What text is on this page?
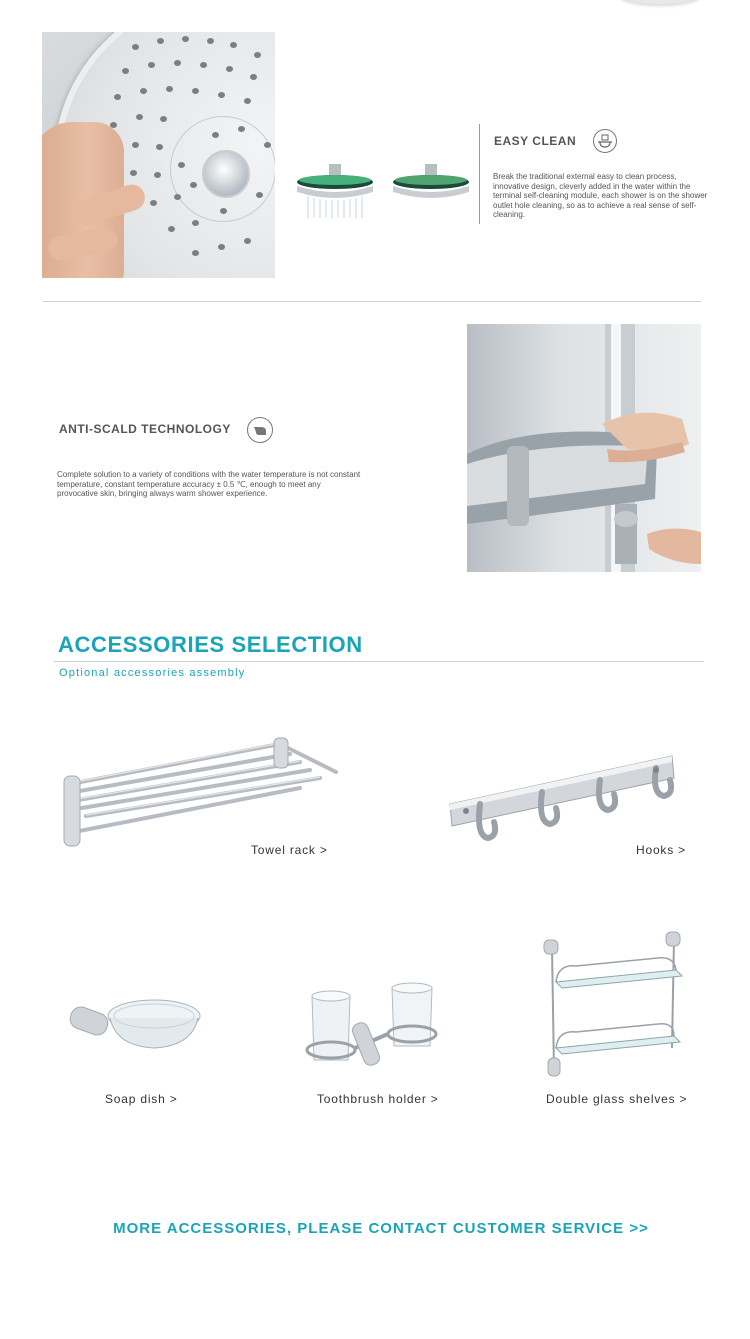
EASY CLEAN
Break the traditional external easy to clean process, innovative design, cleverly added in the water within the terminal self-cleaning module, each shower is on the shower outlet hole cleaning, so as to achieve a real sense of self-cleaning.
ANTI-SCALD TECHNOLOGY
Complete solution to a variety of conditions with the water temperature is not constant temperature, constant temperature accuracy ± 0.5 ℃, enough to meet any provocative skin, bringing always warm shower experience.
ACCESSORIES SELECTION
Optional accessories assembly
Towel rack >	Hooks >
Soap dish >	Toothbrush holder >	Double glass shelves >
MORE ACCESSORIES, PLEASE CONTACT CUSTOMER SERVICE >>
